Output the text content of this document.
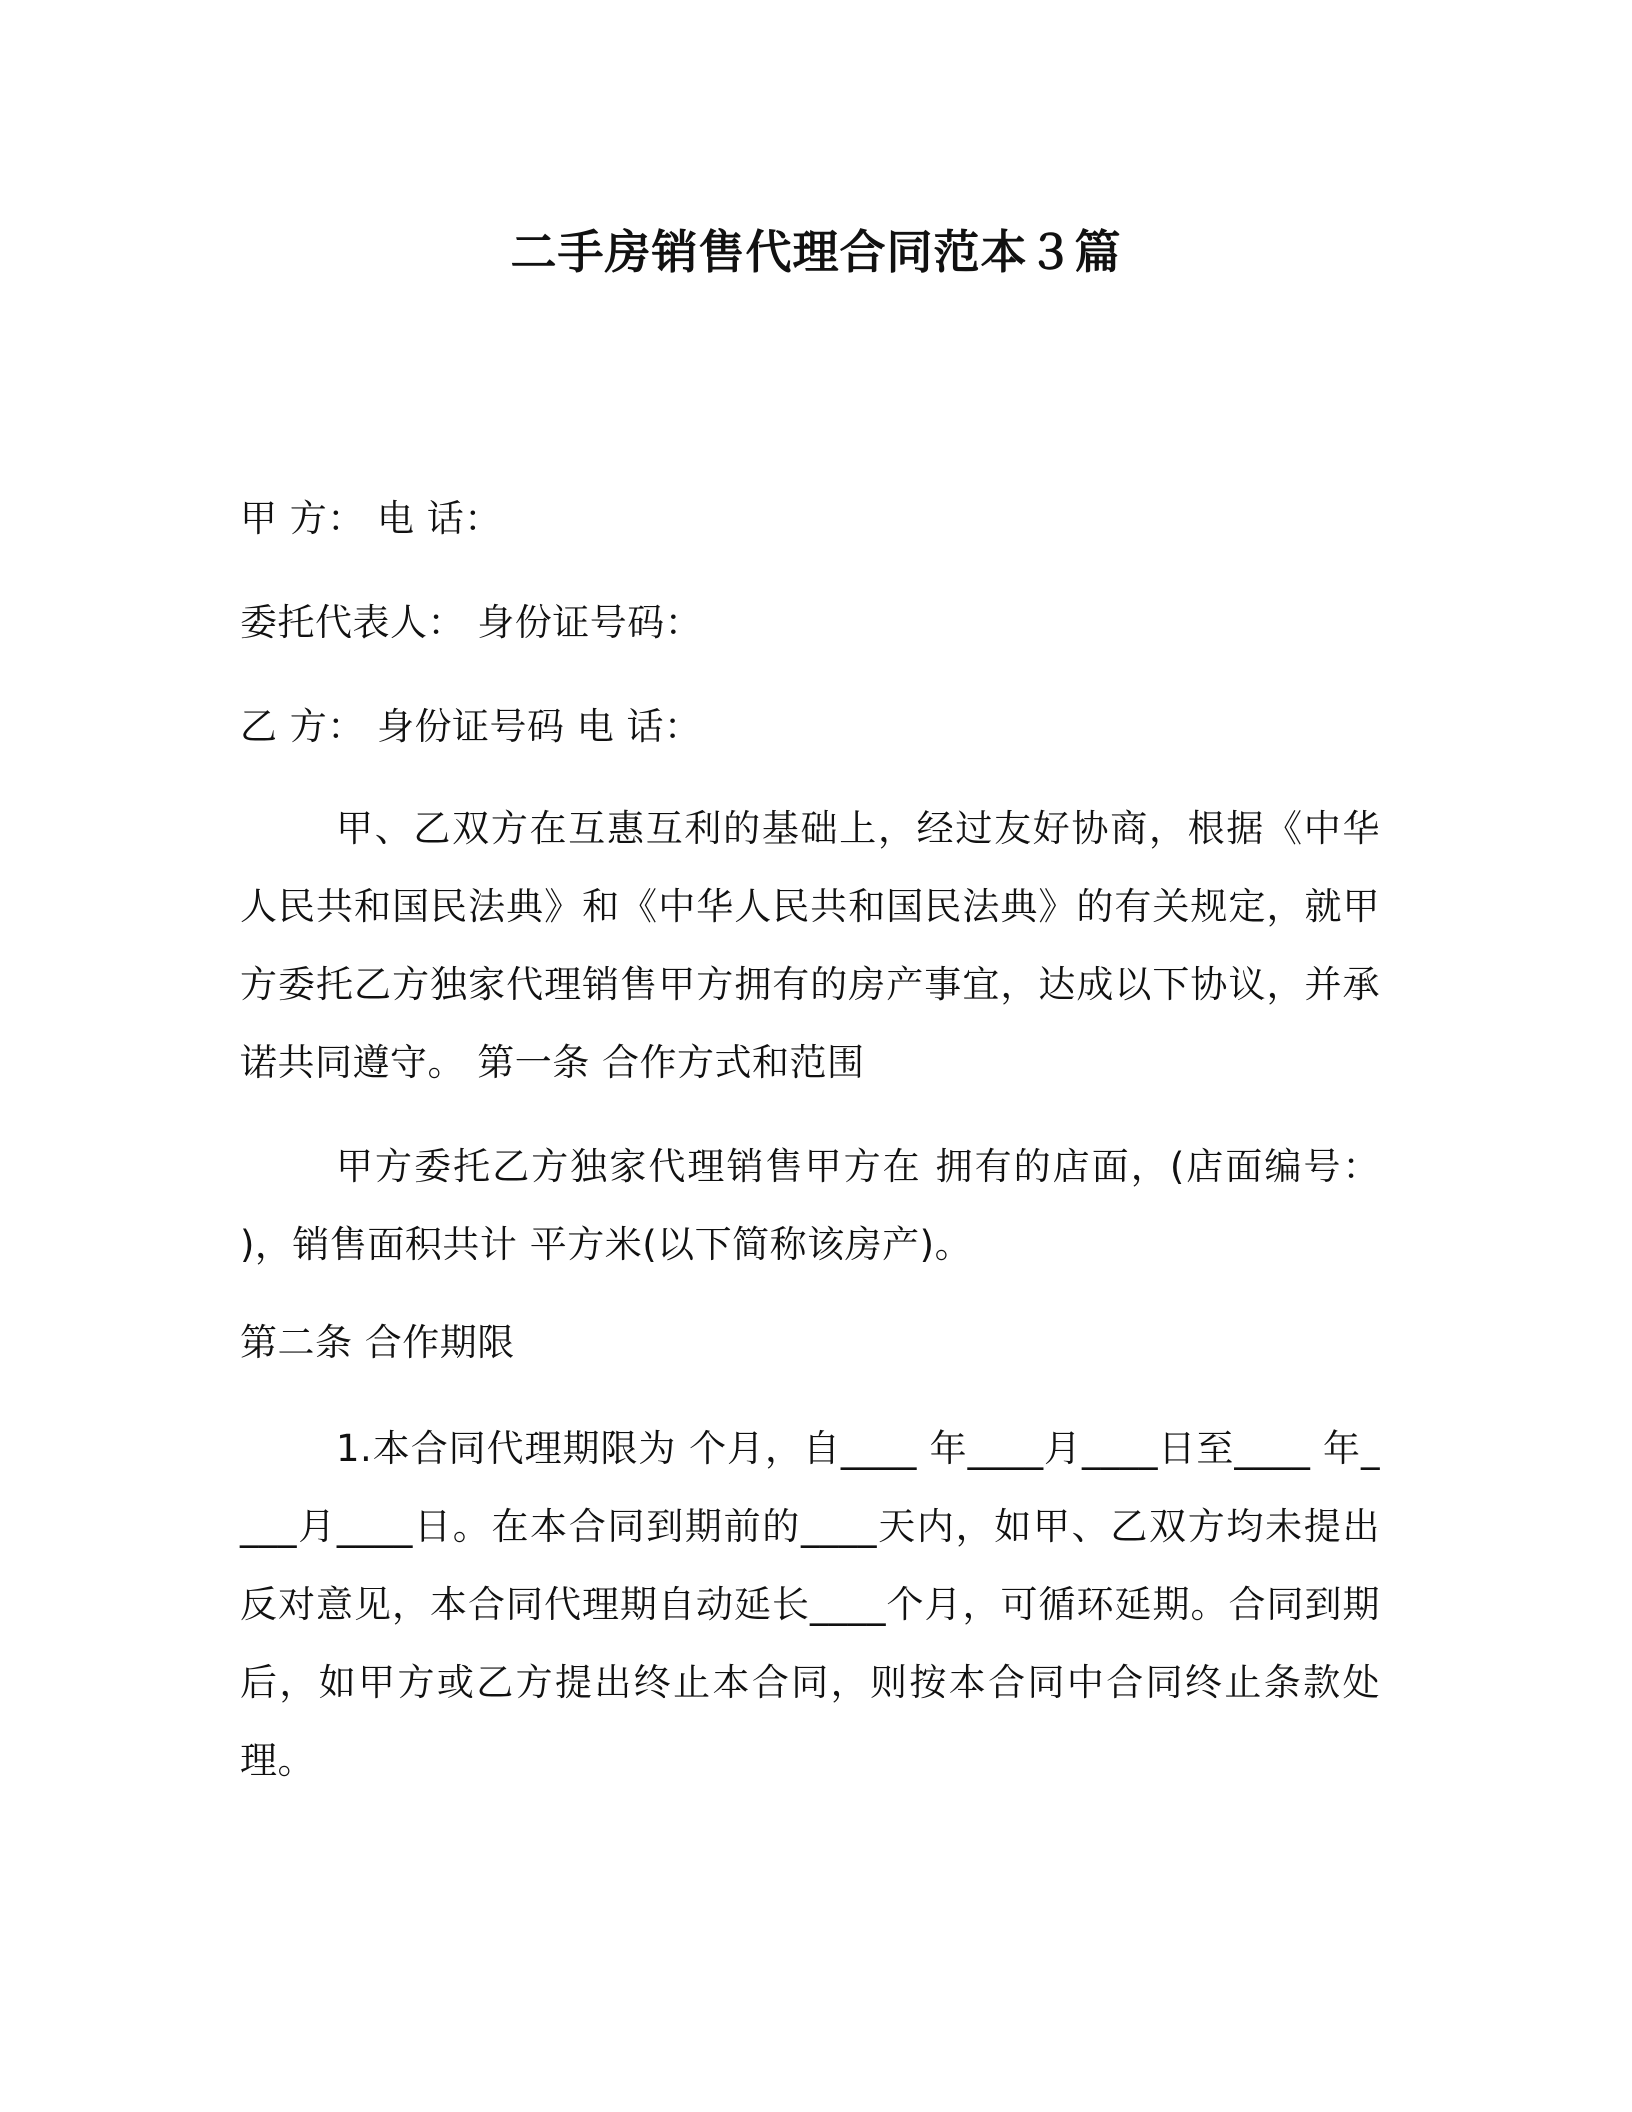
二手房销售代理合同范本３篇
甲 方： 电 话：
委托代表人： 身份证号码：
乙 方： 身份证号码 电 话：
甲、乙双方在互惠互利的基础上，经过友好协商，根据《中华人民共和国民法典》和《中华人民共和国民法典》的有关规定，就甲方委托乙方独家代理销售甲方拥有的房产事宜，达成以下协议，并承诺共同遵守。 第一条 合作方式和范围
甲方委托乙方独家代理销售甲方在 拥有的店面，(店面编号： )，销售面积共计 平方米(以下简称该房产)。
第二条 合作期限
1.本合同代理期限为 个月，自____ 年____月____日至____ 年____月____日。在本合同到期前的____天内，如甲、乙双方均未提出反对意见，本合同代理期自动延长____个月，可循环延期。合同到期后，如甲方或乙方提出终止本合同，则按本合同中合同终止条款处理。
